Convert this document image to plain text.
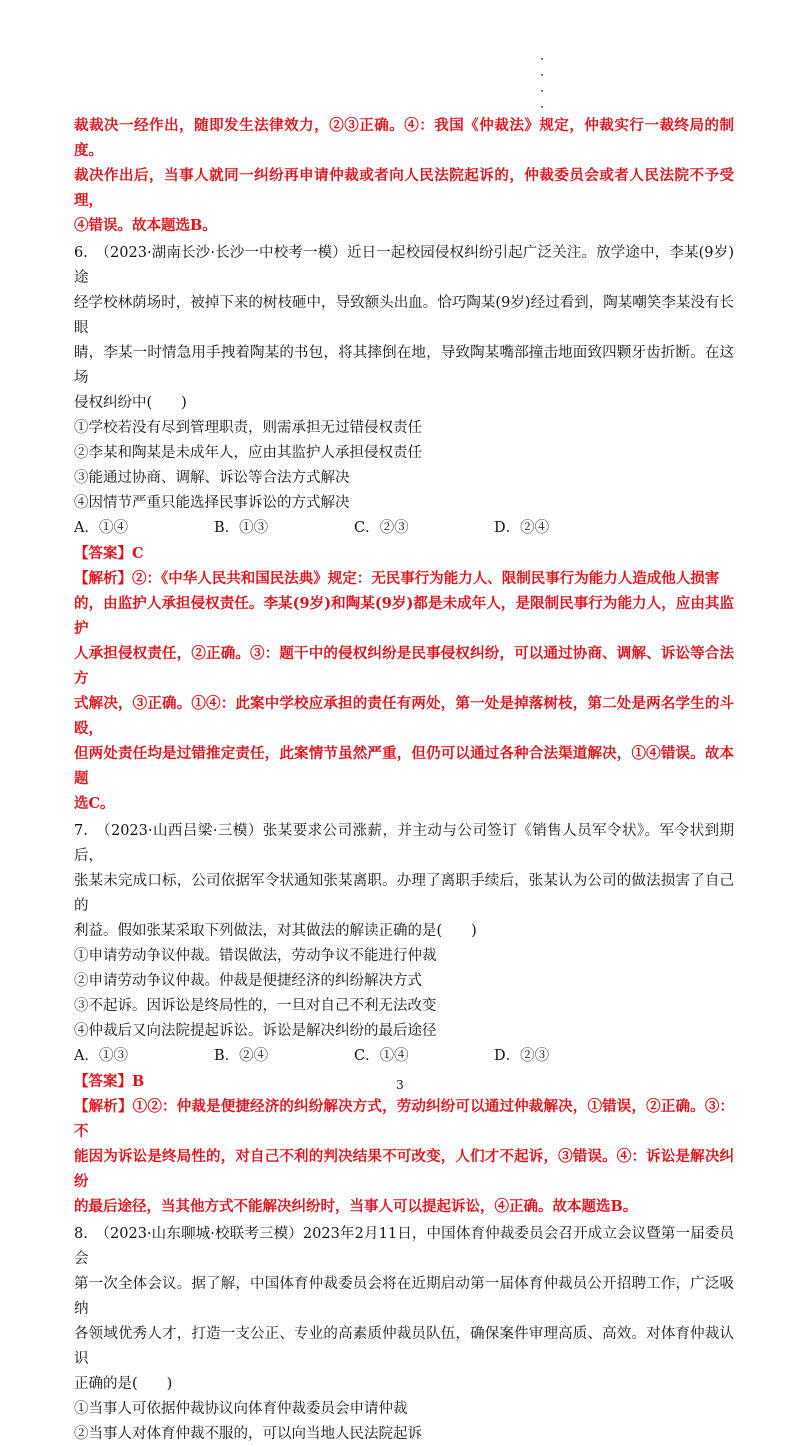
裁裁决一经作出，随即发生法律效力，②③正确。④：我国《仲裁法》规定，仲裁实行一裁终局的制度。

裁决作出后，当事人就同一纠纷再申请仲裁或者向人民法院起诉的，仲裁委员会或者人民法院不予受理，

④错误。故本题选B。

6.　（2023·湖南长沙·长沙一中校考一模）近日一起校园侵权纠纷引起广泛关注。放学途中，李某(9岁)途

经学校林荫场时，被掉下来的树枝砸中，导致额头出血。恰巧陶某(9岁)经过看到，陶某嘲笑李某没有长眼

睛，李某一时情急用手拽着陶某的书包，将其摔倒在地，导致陶某嘴部撞击地面致四颗牙齿折断。在这场

侵权纠纷中(　　)

①学校若没有尽到管理职责，则需承担无过错侵权责任

②李某和陶某是未成年人，应由其监护人承担侵权责任

③能通过协商、调解、诉讼等合法方式解决

④因情节严重只能选择民事诉讼的方式解决

A．①④	B．①③	C．②③	D．②④

【答案】C

【解析】②：《中华人民共和国民法典》规定：无民事行为能力人、限制民事行为能力人造成他人损害

的，由监护人承担侵权责任。李某(9岁)和陶某(9岁)都是未成年人，是限制民事行为能力人，应由其监护

人承担侵权责任，②正确。③：题干中的侵权纠纷是民事侵权纠纷，可以通过协商、调解、诉讼等合法方

式解决，③正确。①④：此案中学校应承担的责任有两处，第一处是掉落树枝，第二处是两名学生的斗殴，

但两处责任均是过错推定责任，此案情节虽然严重，但仍可以通过各种合法渠道解决，①④错误。故本题

选C。

7.　（2023·山西吕梁·三模）张某要求公司涨薪，并主动与公司签订《销售人员军令状》。军令状到期后，

张某未完成口标，公司依据军令状通知张某离职。办理了离职手续后，张某认为公司的做法损害了自己的

利益。假如张某采取下列做法，对其做法的解读正确的是(　　)

①申请劳动争议仲裁。错误做法，劳动争议不能进行仲裁

②申请劳动争议仲裁。仲裁是便捷经济的纠纷解决方式

③不起诉。因诉讼是终局性的，一旦对自己不利无法改变

④仲裁后又向法院提起诉讼。诉讼是解决纠纷的最后途径

A．①③	B．②④	C．①④	D．②③

【答案】B

【解析】①②：仲裁是便捷经济的纠纷解决方式，劳动纠纷可以通过仲裁解决，①错误，②正确。③：不

能因为诉讼是终局性的，对自己不利的判决结果不可改变，人们才不起诉，③错误。④：诉讼是解决纠纷

的最后途径，当其他方式不能解决纠纷时，当事人可以提起诉讼，④正确。故本题选B。

8.　（2023·山东聊城·校联考三模）2023年2月11日，中国体育仲裁委员会召开成立会议暨第一届委员会

第一次全体会议。据了解，中国体育仲裁委员会将在近期启动第一届体育仲裁员公开招聘工作，广泛吸纳

各领域优秀人才，打造一支公正、专业的高素质仲裁员队伍，确保案件审理高质、高效。对体育仲裁认识

正确的是(　　)

①当事人可依据仲裁协议向体育仲裁委员会申请仲裁

②当事人对体育仲裁不服的，可以向当地人民法院起诉

3
